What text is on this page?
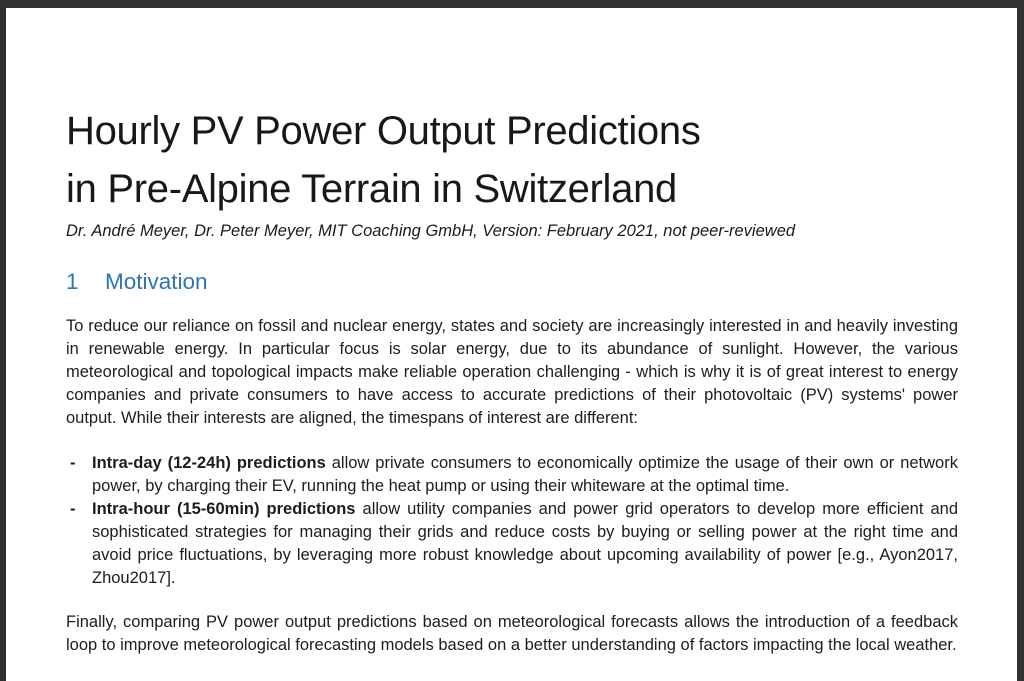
Hourly PV Power Output Predictions
in Pre-Alpine Terrain in Switzerland
Dr. André Meyer, Dr. Peter Meyer, MIT Coaching GmbH, Version: February 2021, not peer-reviewed
1 Motivation

To reduce our reliance on fossil and nuclear energy, states and society are increasingly interested in and heavily investing in renewable energy. In particular focus is solar energy, due to its abundance of sunlight. However, the various meteorological and topological impacts make reliable operation challenging - which is why it is of great interest to energy companies and private consumers to have access to accurate predictions of their photovoltaic (PV) systems' power output. While their interests are aligned, the timespans of interest are different:

- Intra-day (12-24h) predictions allow private consumers to economically optimize the usage of their own or network power, by charging their EV, running the heat pump or using their whiteware at the optimal time.
- Intra-hour (15-60min) predictions allow utility companies and power grid operators to develop more efficient and sophisticated strategies for managing their grids and reduce costs by buying or selling power at the right time and avoid price fluctuations, by leveraging more robust knowledge about upcoming availability of power [e.g., Ayon2017, Zhou2017].

Finally, comparing PV power output predictions based on meteorological forecasts allows the introduction of a feedback loop to improve meteorological forecasting models based on a better understanding of factors impacting the local weather.
